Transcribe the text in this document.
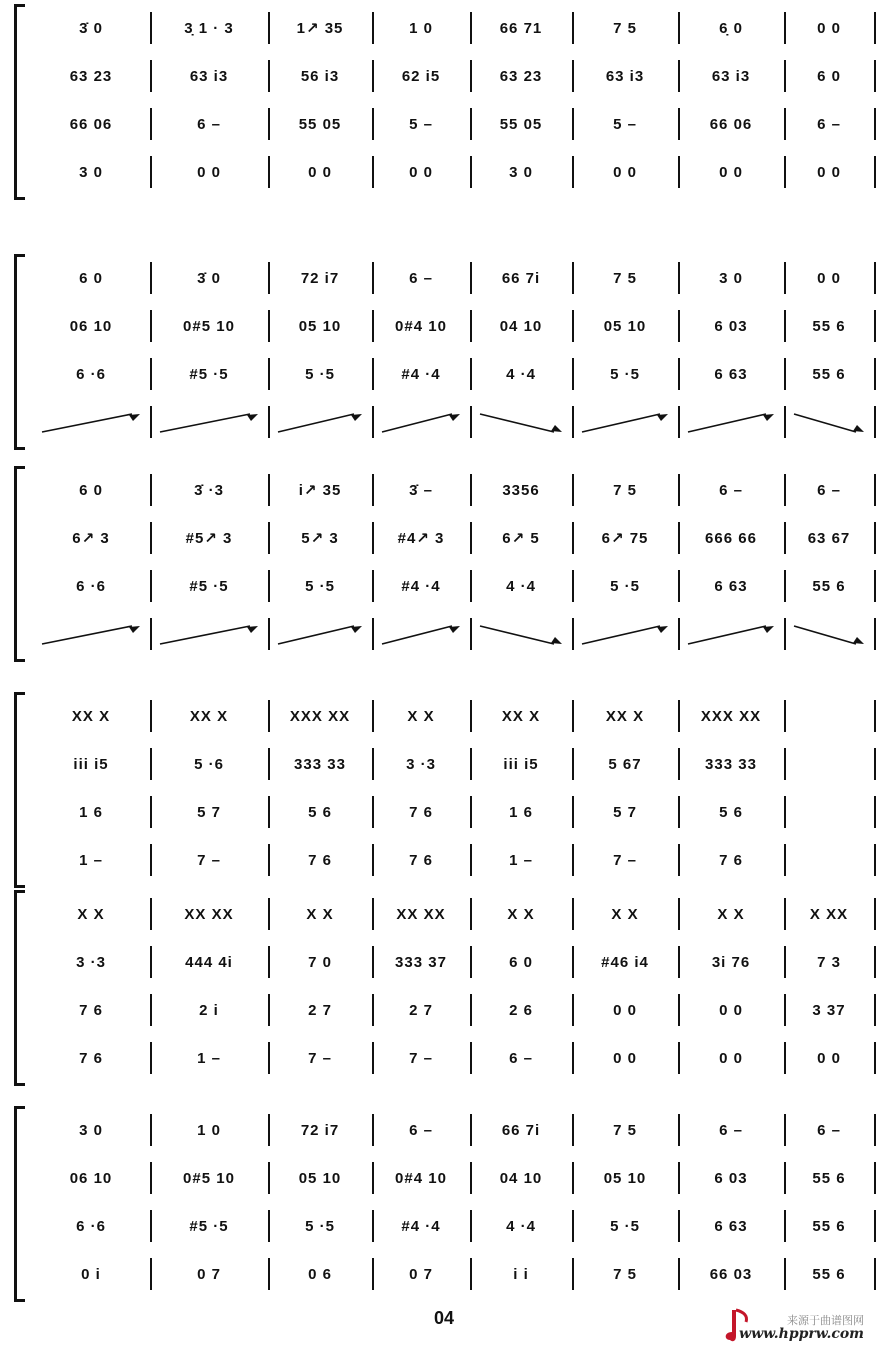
3̇ 0	3̣ 1 · 3	1↗ 35	1 0	66 71	7 5	6̣ 0	0 0
63 23	63 i3	56 i3	62 i5	63 23	63 i3	63 i3	6 0
66 06	6 –	55 05	5 –	55 05	5 –	66 06	6 –
3 0	0 0	0 0	0 0	3 0	0 0	0 0	0 0
6 0	3̇ 0	72 i7	6 –	66 7i	7 5	3 0	0 0
06 10	0#5 10	05 10	0#4 10	04 10	05 10	6 03	55 6
6 ·6	#5 ·5	5 ·5	#4 ·4	4 ·4	5 ·5	6 63	55 6
6 0	3̇ ·3	i↗ 35	3̇ –	3356	7 5	6 –	6 –
6↗ 3	#5↗ 3	5↗ 3	#4↗ 3	6↗ 5	6↗ 75	666 66	63 67
6 ·6	#5 ·5	5 ·5	#4 ·4	4 ·4	5 ·5	6 63	55 6
XX X	XX X	XXX XX	X X	XX X	XX X	XXX XX
iii i5	5 ·6	333 33	3 ·3	iii i5	5 67	333 33
1 6	5 7	5 6	7 6	1 6	5 7	5 6
1 –	7 –	7 6	7 6	1 –	7 –	7 6
X X	XX XX	X X	XX XX	X X	X X	X X	X XX
3 ·3	444 4i	7 0	333 37	6 0	#46 i4	3i 76	7 3
7 6	2 i	2 7	2 7	2 6	0 0	0 0	3 37
7 6	1 –	7 –	7 –	6 –	0 0	0 0	0 0
3 0	1 0	72 i7	6 –	66 7i	7 5	6 –	6 –
06 10	0#5 10	05 10	0#4 10	04 10	05 10	6 03	55 6
6 ·6	#5 ·5	5 ·5	#4 ·4	4 ·4	5 ·5	6 63	55 6
0 i	0 7	0 6	0 7	i i	7 5	66 03	55 6
04	来源于曲谱图网
www.hpprw.com
